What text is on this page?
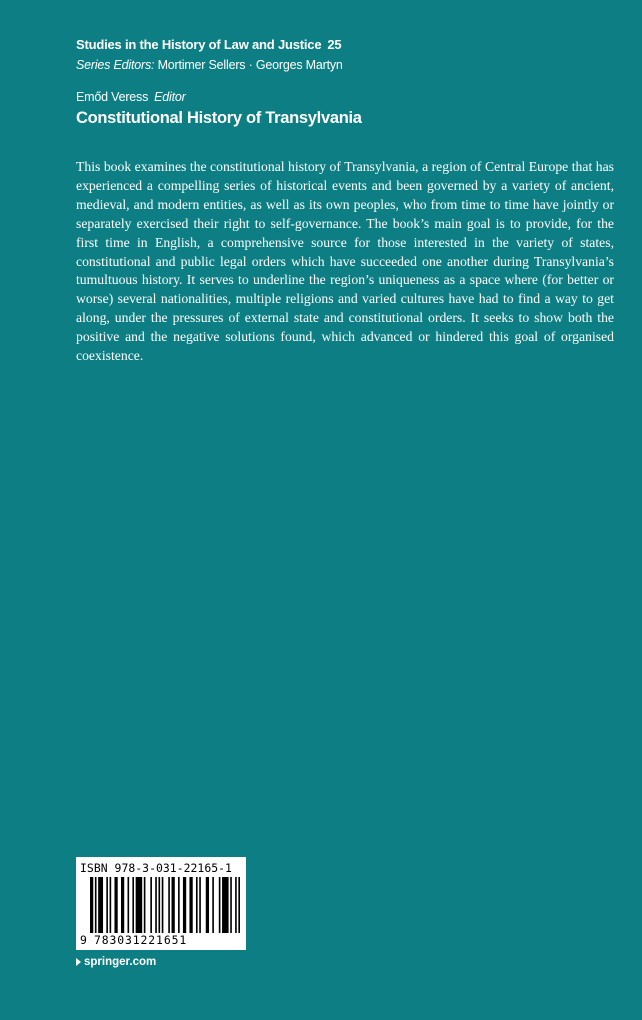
Studies in the History of Law and Justice 25
Series Editors: Mortimer Sellers · Georges Martyn
Emőd Veress Editor
Constitutional History of Transylvania

This book examines the constitutional history of Transylvania, a region of Central Europe that has experienced a compelling series of historical events and been governed by a variety of ancient, medieval, and modern entities, as well as its own peoples, who from time to time have jointly or separately exercised their right to self-governance. The book’s main goal is to provide, for the first time in English, a comprehensive source for those interested in the variety of states, constitutional and public legal orders which have succeeded one another during Transylvania’s tumultuous history. It serves to underline the region’s uniqueness as a space where (for better or worse) several nationalities, multiple religions and varied cultures have had to find a way to get along, under the pressures of external state and constitutional orders. It seeks to show both the positive and the negative solutions found, which advanced or hindered this goal of organised coexistence.

ISBN 978-3-031-22165-1
9 783031221651
springer.com
